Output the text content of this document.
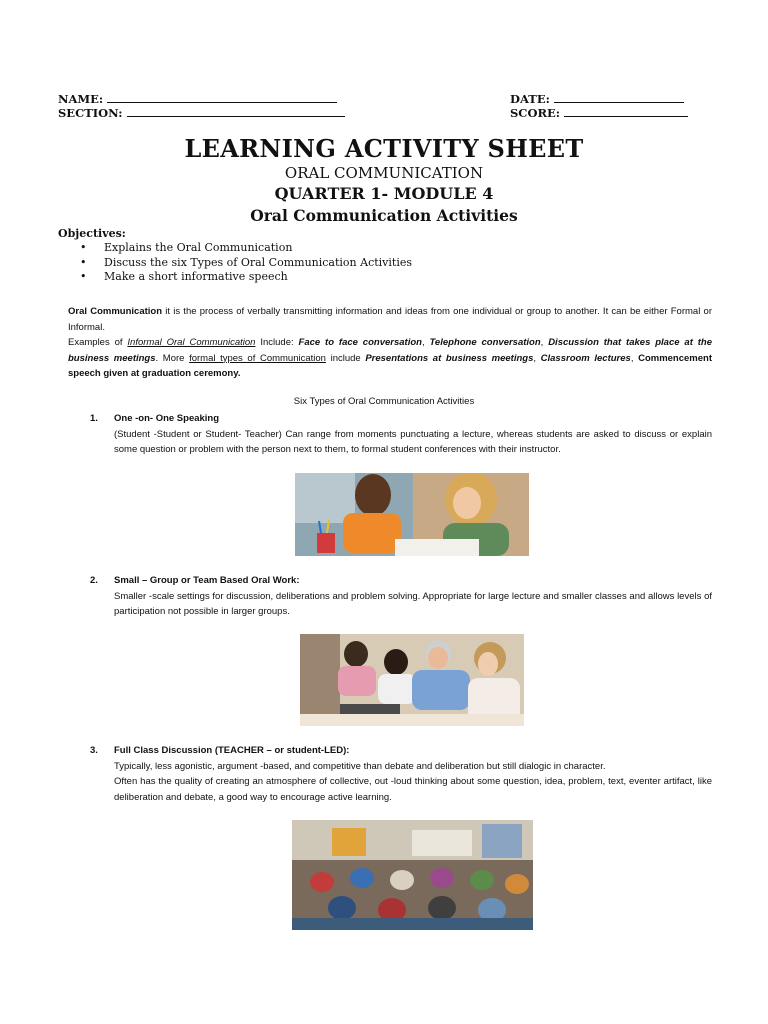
NAME:
SECTION:
DATE:
SCORE:
LEARNING ACTIVITY SHEET
ORAL COMMUNICATION
QUARTER 1- MODULE 4
Oral Communication Activities
Objectives:
• Explains the Oral Communication
• Discuss the six Types of Oral Communication Activities
• Make a short informative speech
Oral Communication it is the process of verbally transmitting information and ideas from one individual or group to another. It can be either Formal or Informal.
Examples of Informal Oral Communication Include: Face to face conversation, Telephone conversation, Discussion that takes place at the business meetings. More formal types of Communication include Presentations at business meetings, Classroom lectures, Commencement speech given at graduation ceremony.
Six Types of Oral Communication Activities
1. One -on- One Speaking
(Student -Student or Student- Teacher) Can range from moments punctuating a lecture, whereas students are asked to discuss or explain some question or problem with the person next to them, to formal student conferences with their instructor.
2. Small – Group or Team Based Oral Work:
Smaller -scale settings for discussion, deliberations and problem solving. Appropriate for large lecture and smaller classes and allows levels of participation not possible in larger groups.
3. Full Class Discussion (TEACHER – or student-LED):
Typically, less agonistic, argument -based, and competitive than debate and deliberation but still dialogic in character.
Often has the quality of creating an atmosphere of collective, out -loud thinking about some question, idea, problem, text, eventer artifact, like deliberation and debate, a good way to encourage active learning.
